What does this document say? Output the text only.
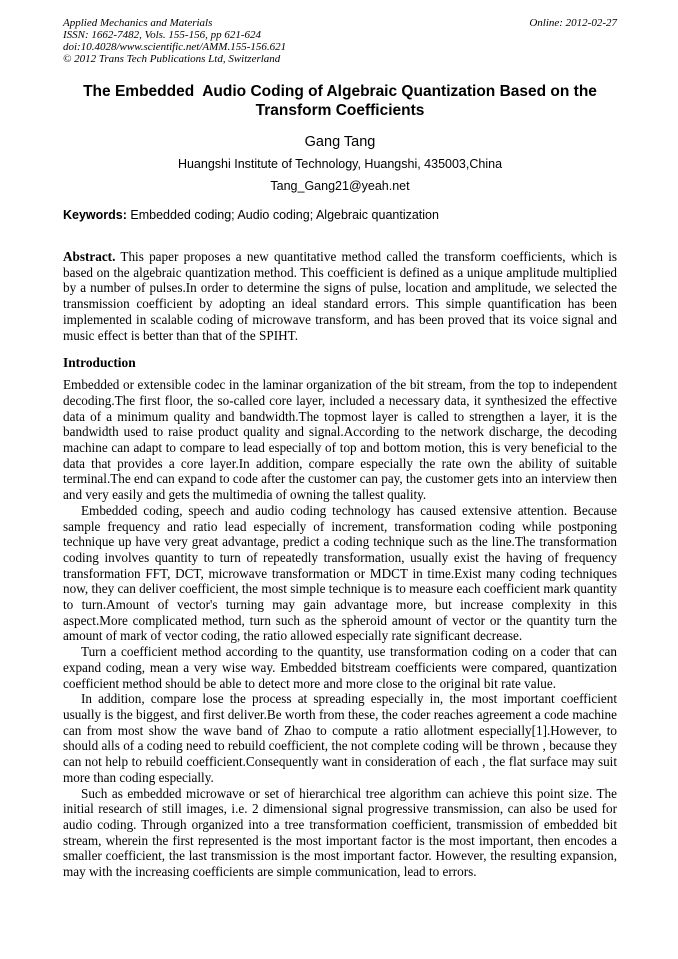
Applied Mechanics and Materials
ISSN: 1662-7482, Vols. 155-156, pp 621-624
doi:10.4028/www.scientific.net/AMM.155-156.621
© 2012 Trans Tech Publications Ltd, Switzerland
Online: 2012-02-27
The Embedded  Audio Coding of Algebraic Quantization Based on the Transform Coefficients
Gang Tang
Huangshi Institute of Technology, Huangshi, 435003,China
Tang_Gang21@yeah.net
Keywords: Embedded coding; Audio coding; Algebraic quantization
Abstract. This paper proposes a new quantitative method called the transform coefficients, which is based on the algebraic quantization method. This coefficient is defined as a unique amplitude multiplied by a number of pulses.In order to determine the signs of pulse, location and amplitude, we selected the transmission coefficient by adopting an ideal standard errors. This simple quantification has been implemented in scalable coding of microwave transform, and has been proved that its voice signal and music effect is better than that of the SPIHT.
Introduction

Embedded or extensible codec in the laminar organization of the bit stream, from the top to independent decoding.The first floor, the so-called core layer, included a necessary data, it synthesized the effective data of a minimum quality and bandwidth.The topmost layer is called to strengthen a layer, it is the bandwidth used to raise product quality and signal.According to the network discharge, the decoding machine can adapt to compare to lead especially of top and bottom motion, this is very beneficial to the data that provides a core layer.In addition, compare especially the rate own the ability of suitable terminal.The end can expand to code after the customer can pay, the customer gets into an interview then and very easily and gets the multimedia of owning the tallest quality.

Embedded coding, speech and audio coding technology has caused extensive attention. Because sample frequency and ratio lead especially of increment, transformation coding while postponing technique up have very great advantage, predict a coding technique such as the line.The transformation coding involves quantity to turn of repeatedly transformation, usually exist the having of frequency transformation FFT, DCT, microwave transformation or MDCT in time.Exist many coding techniques now, they can deliver coefficient, the most simple technique is to measure each coefficient mark quantity to turn.Amount of vector's turning may gain advantage more, but increase complexity in this aspect.More complicated method, turn such as the spheroid amount of vector or the quantity turn the amount of mark of vector coding, the ratio allowed especially rate significant decrease.

Turn a coefficient method according to the quantity, use transformation coding on a coder that can expand coding, mean a very wise way. Embedded bitstream coefficients were compared, quantization coefficient method should be able to detect more and more close to the original bit rate value.

In addition, compare lose the process at spreading especially in, the most important coefficient usually is the biggest, and first deliver.Be worth from these, the coder reaches agreement a code machine can from most show the wave band of Zhao to compute a ratio allotment especially[1].However, to should alls of a coding need to rebuild coefficient, the not complete coding will be thrown , because they can not help to rebuild coefficient.Consequently want in consideration of each , the flat surface may suit more than coding especially.

Such as embedded microwave or set of hierarchical tree algorithm can achieve this point size. The initial research of still images, i.e. 2 dimensional signal progressive transmission, can also be used for audio coding. Through organized into a tree transformation coefficient, transmission of embedded bit stream, wherein the first represented is the most important factor is the most important, then encodes a smaller coefficient, the last transmission is the most important factor. However, the resulting expansion, may with the increasing coefficients are simple communication, lead to errors.
